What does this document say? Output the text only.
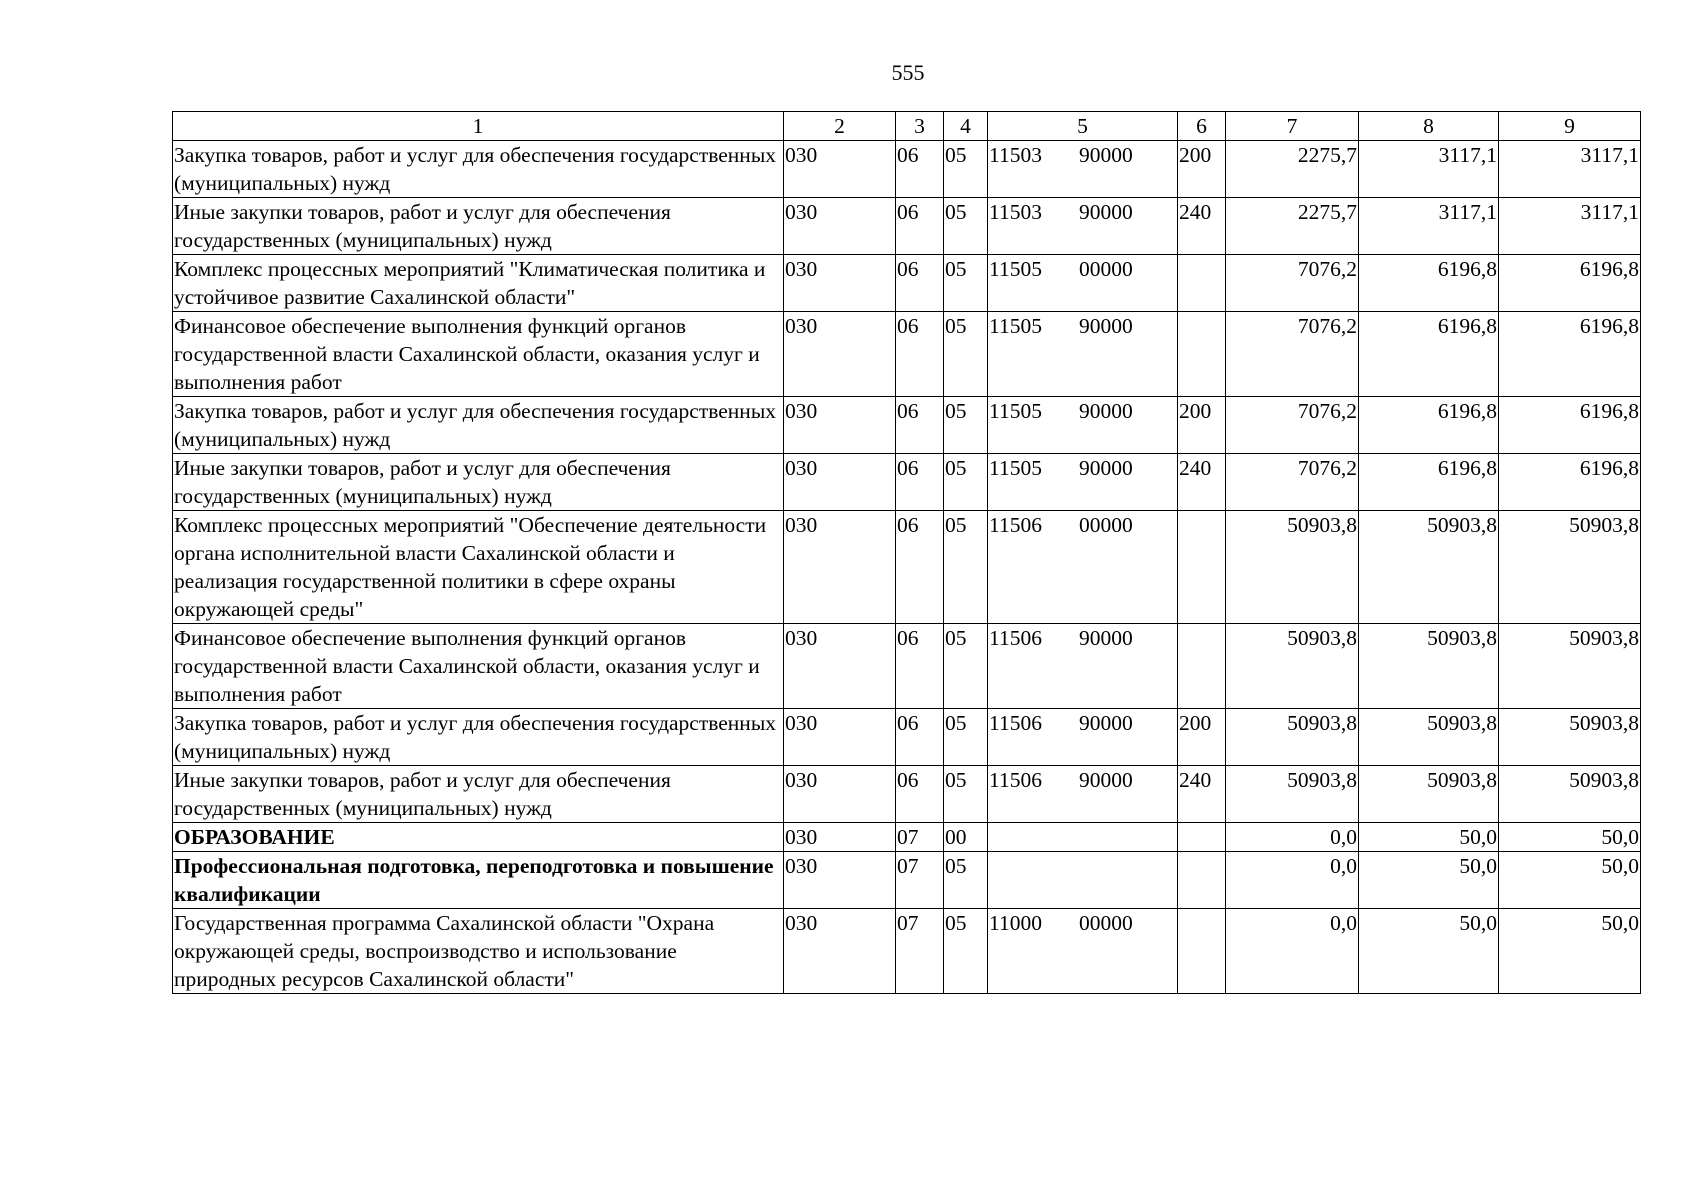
555
1	2	3	4	5	6	7	8	9
Закупка товаров, работ и услуг для обеспечения государственных (муниципальных) нужд	030	06	05	11503 90000	200	2275,7	3117,1	3117,1
Иные закупки товаров, работ и услуг для обеспечения государственных (муниципальных) нужд	030	06	05	11503 90000	240	2275,7	3117,1	3117,1
Комплекс процессных мероприятий "Климатическая политика и устойчивое развитие Сахалинской области"	030	06	05	11505 00000		7076,2	6196,8	6196,8
Финансовое обеспечение выполнения функций органов государственной власти Сахалинской области, оказания услуг и выполнения работ	030	06	05	11505 90000		7076,2	6196,8	6196,8
Закупка товаров, работ и услуг для обеспечения государственных (муниципальных) нужд	030	06	05	11505 90000	200	7076,2	6196,8	6196,8
Иные закупки товаров, работ и услуг для обеспечения государственных (муниципальных) нужд	030	06	05	11505 90000	240	7076,2	6196,8	6196,8
Комплекс процессных мероприятий "Обеспечение деятельности органа исполнительной власти Сахалинской области и реализация государственной политики в сфере охраны окружающей среды"	030	06	05	11506 00000		50903,8	50903,8	50903,8
Финансовое обеспечение выполнения функций органов государственной власти Сахалинской области, оказания услуг и выполнения работ	030	06	05	11506 90000		50903,8	50903,8	50903,8
Закупка товаров, работ и услуг для обеспечения государственных (муниципальных) нужд	030	06	05	11506 90000	200	50903,8	50903,8	50903,8
Иные закупки товаров, работ и услуг для обеспечения государственных (муниципальных) нужд	030	06	05	11506 90000	240	50903,8	50903,8	50903,8
ОБРАЗОВАНИЕ	030	07	00			0,0	50,0	50,0
Профессиональная подготовка, переподготовка и повышение квалификации	030	07	05			0,0	50,0	50,0
Государственная программа Сахалинской области "Охрана окружающей среды, воспроизводство и использование природных ресурсов Сахалинской области"	030	07	05	11000 00000		0,0	50,0	50,0
